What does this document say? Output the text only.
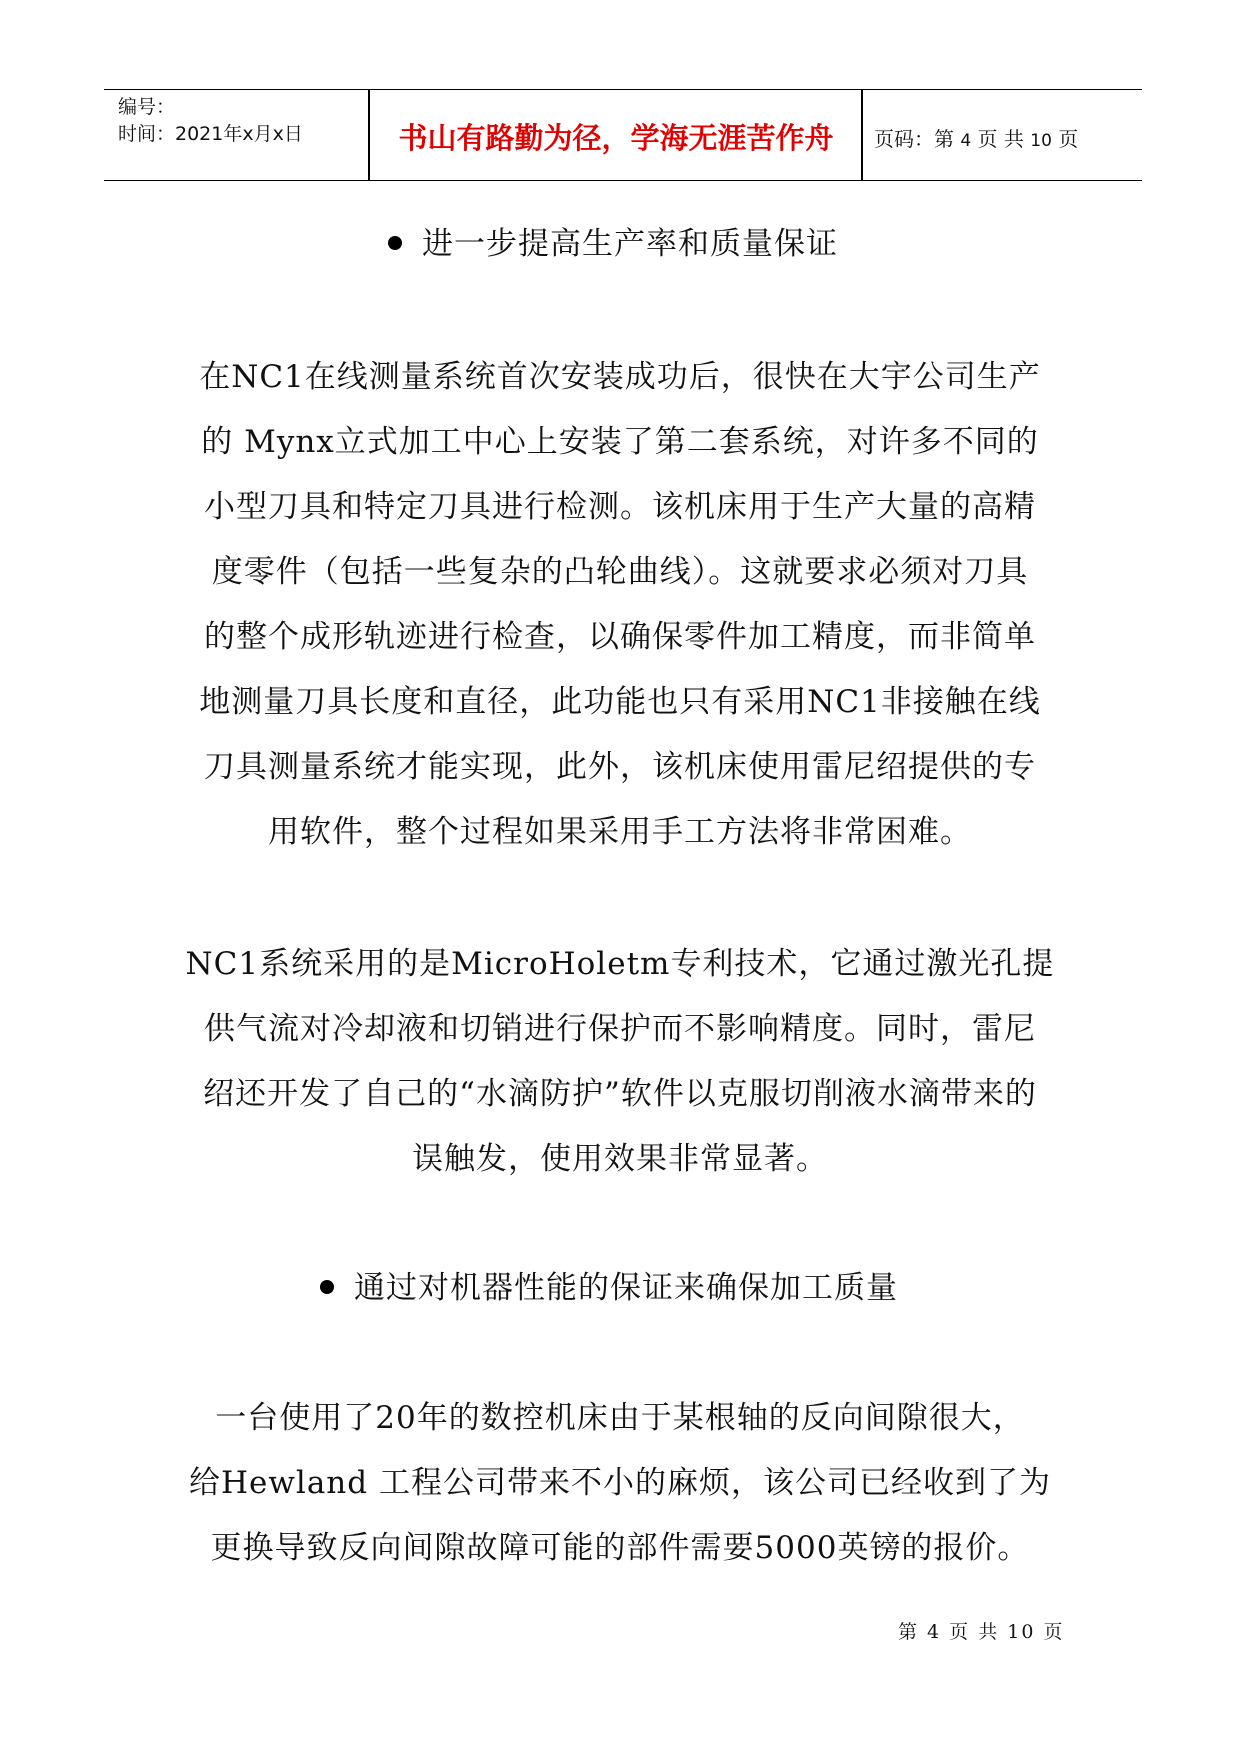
编号：
时间：2021年x月x日	书山有路勤为径，学海无涯苦作舟	页码：第 4 页 共 10 页
进一步提高生产率和质量保证
在NC1在线测量系统首次安装成功后，很快在大宇公司生产
的 Mynx立式加工中心上安装了第二套系统，对许多不同的
小型刀具和特定刀具进行检测。该机床用于生产大量的高精
度零件（包括一些复杂的凸轮曲线）。这就要求必须对刀具
的整个成形轨迹进行检查，以确保零件加工精度，而非简单
地测量刀具长度和直径，此功能也只有采用NC1非接触在线
刀具测量系统才能实现，此外，该机床使用雷尼绍提供的专
用软件，整个过程如果采用手工方法将非常困难。
NC1系统采用的是MicroHoletm专利技术，它通过激光孔提
供气流对冷却液和切销进行保护而不影响精度。同时，雷尼
绍还开发了自己的“水滴防护”软件以克服切削液水滴带来的
误触发，使用效果非常显著。
通过对机器性能的保证来确保加工质量
一台使用了20年的数控机床由于某根轴的反向间隙很大，
给Hewland 工程公司带来不小的麻烦，该公司已经收到了为
更换导致反向间隙故障可能的部件需要5000英镑的报价。
第 4 页 共 10 页
